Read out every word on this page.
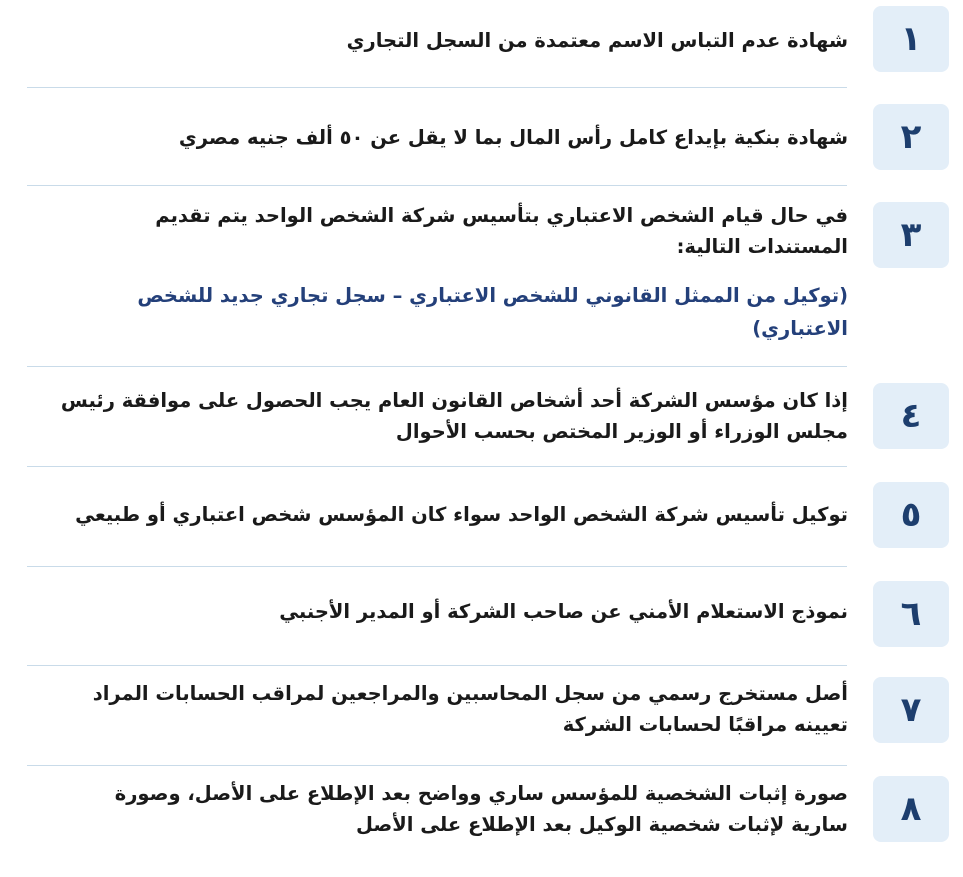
١
شهادة عدم التباس الاسم معتمدة من السجل التجاري
٢
شهادة بنكية بإيداع كامل رأس المال بما لا يقل عن ٥٠ ألف جنيه مصري
٣
في حال قيام الشخص الاعتباري بتأسيس شركة الشخص الواحد يتم تقديم
المستندات التالية:
(توكيل من الممثل القانوني للشخص الاعتباري – سجل تجاري جديد للشخص
الاعتباري)
٤
إذا كان مؤسس الشركة أحد أشخاص القانون العام يجب الحصول على موافقة رئيس
مجلس الوزراء أو الوزير المختص بحسب الأحوال
٥
توكيل تأسيس شركة الشخص الواحد سواء كان المؤسس شخص اعتباري أو طبيعي
٦
نموذج الاستعلام الأمني عن صاحب الشركة أو المدير الأجنبي
٧
أصل مستخرج رسمي من سجل المحاسبين والمراجعين لمراقب الحسابات المراد
تعيينه مراقبًا لحسابات الشركة
٨
صورة إثبات الشخصية للمؤسس ساري وواضح بعد الإطلاع على الأصل، وصورة
سارية لإثبات شخصية الوكيل بعد الإطلاع على الأصل
